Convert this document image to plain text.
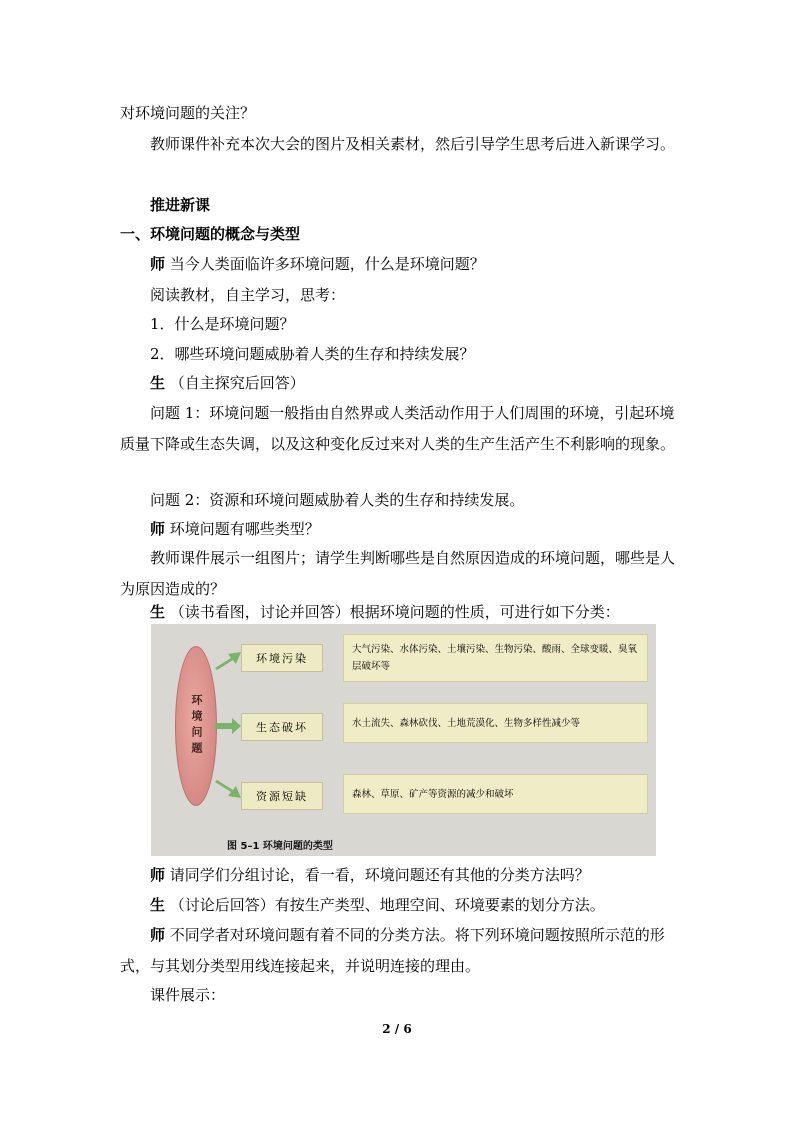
对环境问题的关注？

教师课件补充本次大会的图片及相关素材，然后引导学生思考后进入新课学习。

推进新课

一、环境问题的概念与类型

师 当今人类面临许多环境问题，什么是环境问题？

阅读教材，自主学习，思考：

1．什么是环境问题？

2．哪些环境问题威胁着人类的生存和持续发展？

生 （自主探究后回答）

问题 1：环境问题一般指由自然界或人类活动作用于人们周围的环境，引起环境质量下降或生态失调，以及这种变化反过来对人类的生产生活产生不利影响的现象。

问题 2：资源和环境问题威胁着人类的生存和持续发展。

师 环境问题有哪些类型？

教师课件展示一组图片；请学生判断哪些是自然原因造成的环境问题，哪些是人为原因造成的？

生 （读书看图，讨论并回答）根据环境问题的性质，可进行如下分类：

环境问题
环境污染
生态破坏
资源短缺
大气污染、水体污染、土壤污染、生物污染、酸雨、全球变暖、臭氧层破坏等
水土流失、森林砍伐、土地荒漠化、生物多样性减少等
森林、草原、矿产等资源的减少和破坏
图 5–1 环境问题的类型

师 请同学们分组讨论，看一看，环境问题还有其他的分类方法吗？

生 （讨论后回答）有按生产类型、地理空间、环境要素的划分方法。

师 不同学者对环境问题有着不同的分类方法。将下列环境问题按照所示范的形式，与其划分类型用线连接起来，并说明连接的理由。

课件展示：

2 / 6
